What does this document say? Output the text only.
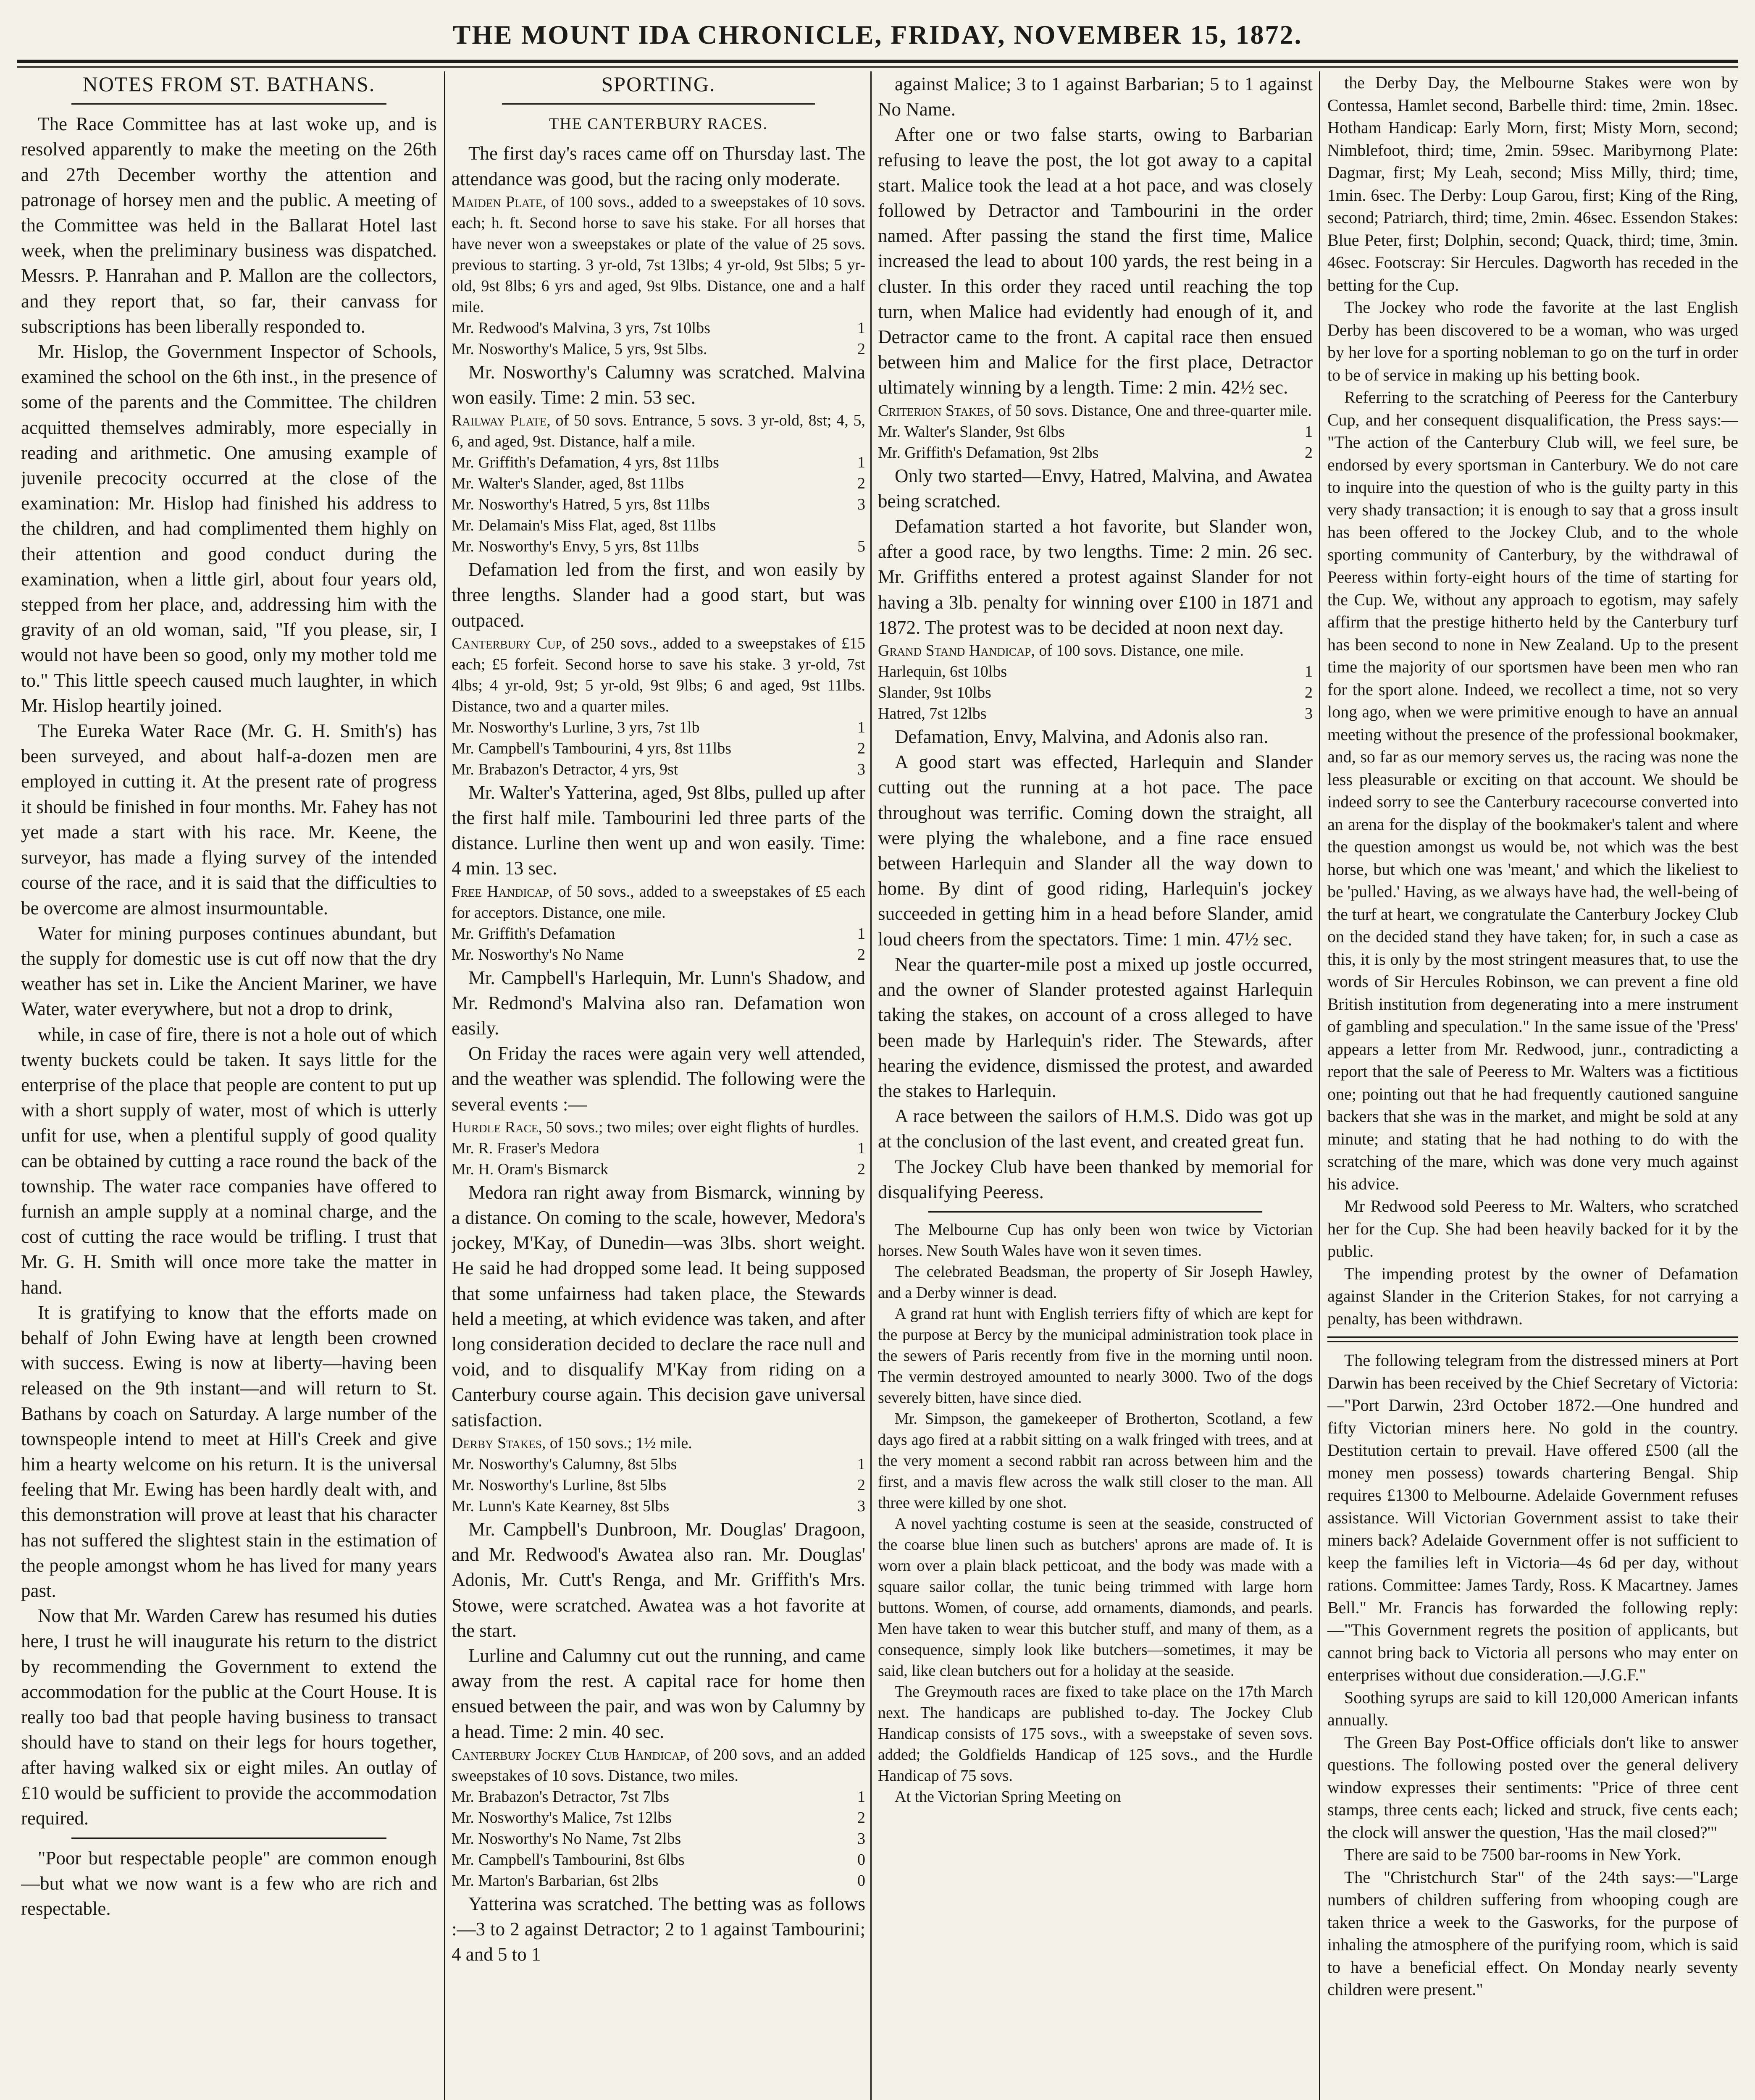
THE MOUNT IDA CHRONICLE, FRIDAY, NOVEMBER 15, 1872.
NOTES FROM ST. BATHANS.

The Race Committee has at last woke up, and is resolved apparently to make the meeting on the 26th and 27th December worthy the attention and patronage of horsey men and the public. A meeting of the Committee was held in the Ballarat Hotel last week, when the preliminary business was dispatched. Messrs. P. Hanrahan and P. Mallon are the collectors, and they report that, so far, their canvass for subscriptions has been liberally responded to.

Mr. Hislop, the Government Inspector of Schools, examined the school on the 6th inst., in the presence of some of the parents and the Committee. The children acquitted themselves admirably, more especially in reading and arithmetic. One amusing example of juvenile precocity occurred at the close of the examination: Mr. Hislop had finished his address to the children, and had complimented them highly on their attention and good conduct during the examination, when a little girl, about four years old, stepped from her place, and, addressing him with the gravity of an old woman, said, "If you please, sir, I would not have been so good, only my mother told me to." This little speech caused much laughter, in which Mr. Hislop heartily joined.

The Eureka Water Race (Mr. G. H. Smith's) has been surveyed, and about half-a-dozen men are employed in cutting it. At the present rate of progress it should be finished in four months. Mr. Fahey has not yet made a start with his race. Mr. Keene, the surveyor, has made a flying survey of the intended course of the race, and it is said that the difficulties to be overcome are almost insurmountable.

Water for mining purposes continues abundant, but the supply for domestic use is cut off now that the dry weather has set in. Like the Ancient Mariner, we have Water, water everywhere, but not a drop to drink,

while, in case of fire, there is not a hole out of which twenty buckets could be taken. It says little for the enterprise of the place that people are content to put up with a short supply of water, most of which is utterly unfit for use, when a plentiful supply of good quality can be obtained by cutting a race round the back of the township. The water race companies have offered to furnish an ample supply at a nominal charge, and the cost of cutting the race would be trifling. I trust that Mr. G. H. Smith will once more take the matter in hand.

It is gratifying to know that the efforts made on behalf of John Ewing have at length been crowned with success. Ewing is now at liberty—having been released on the 9th instant—and will return to St. Bathans by coach on Saturday. A large number of the townspeople intend to meet at Hill's Creek and give him a hearty welcome on his return. It is the universal feeling that Mr. Ewing has been hardly dealt with, and this demonstration will prove at least that his character has not suffered the slightest stain in the estimation of the people amongst whom he has lived for many years past.

Now that Mr. Warden Carew has resumed his duties here, I trust he will inaugurate his return to the district by recommending the Government to extend the accommodation for the public at the Court House. It is really too bad that people having business to transact should have to stand on their legs for hours together, after having walked six or eight miles. An outlay of £10 would be sufficient to provide the accommodation required.

"Poor but respectable people" are common enough—but what we now want is a few who are rich and respectable.

SPORTING.
THE CANTERBURY RACES.

The first day's races came off on Thursday last. The attendance was good, but the racing only moderate.

Maiden Plate, of 100 sovs., added to a sweepstakes of 10 sovs. each; h. ft. Second horse to save his stake. For all horses that have never won a sweepstakes or plate of the value of 25 sovs. previous to starting. 3 yr-old, 7st 13lbs; 4 yr-old, 9st 5lbs; 5 yr-old, 9st 8lbs; 6 yrs and aged, 9st 9lbs. Distance, one and a half mile.

Mr. Redwood's Malvina, 3 yrs, 7st 10lbs	1
Mr. Nosworthy's Malice, 5 yrs, 9st 5lbs.	2

Mr. Nosworthy's Calumny was scratched. Malvina won easily. Time: 2 min. 53 sec.

Railway Plate, of 50 sovs. Entrance, 5 sovs. 3 yr-old, 8st; 4, 5, 6, and aged, 9st. Distance, half a mile.

Mr. Griffith's Defamation, 4 yrs, 8st 11lbs	1
Mr. Walter's Slander, aged, 8st 11lbs	2
Mr. Nosworthy's Hatred, 5 yrs, 8st 11lbs	3
Mr. Delamain's Miss Flat, aged, 8st 11lbs
Mr. Nosworthy's Envy, 5 yrs, 8st 11lbs	5

Defamation led from the first, and won easily by three lengths. Slander had a good start, but was outpaced.

Canterbury Cup, of 250 sovs., added to a sweepstakes of £15 each; £5 forfeit. Second horse to save his stake. 3 yr-old, 7st 4lbs; 4 yr-old, 9st; 5 yr-old, 9st 9lbs; 6 and aged, 9st 11lbs. Distance, two and a quarter miles.

Mr. Nosworthy's Lurline, 3 yrs, 7st 1lb	1
Mr. Campbell's Tambourini, 4 yrs, 8st 11lbs	2
Mr. Brabazon's Detractor, 4 yrs, 9st	3

Mr. Walter's Yatterina, aged, 9st 8lbs, pulled up after the first half mile. Tambourini led three parts of the distance. Lurline then went up and won easily. Time: 4 min. 13 sec.

Free Handicap, of 50 sovs., added to a sweepstakes of £5 each for acceptors. Distance, one mile.

Mr. Griffith's Defamation	1
Mr. Nosworthy's No Name	2

Mr. Campbell's Harlequin, Mr. Lunn's Shadow, and Mr. Redmond's Malvina also ran. Defamation won easily.

On Friday the races were again very well attended, and the weather was splendid. The following were the several events :—

Hurdle Race, 50 sovs.; two miles; over eight flights of hurdles.

Mr. R. Fraser's Medora	1
Mr. H. Oram's Bismarck	2

Medora ran right away from Bismarck, winning by a distance. On coming to the scale, however, Medora's jockey, M'Kay, of Dunedin—was 3lbs. short weight. He said he had dropped some lead. It being supposed that some unfairness had taken place, the Stewards held a meeting, at which evidence was taken, and after long consideration decided to declare the race null and void, and to disqualify M'Kay from riding on a Canterbury course again. This decision gave universal satisfaction.

Derby Stakes, of 150 sovs.; 1½ mile.

Mr. Nosworthy's Calumny, 8st 5lbs	1
Mr. Nosworthy's Lurline, 8st 5lbs	2
Mr. Lunn's Kate Kearney, 8st 5lbs	3

Mr. Campbell's Dunbroon, Mr. Douglas' Dragoon, and Mr. Redwood's Awatea also ran. Mr. Douglas' Adonis, Mr. Cutt's Renga, and Mr. Griffith's Mrs. Stowe, were scratched. Awatea was a hot favorite at the start.

Lurline and Calumny cut out the running, and came away from the rest. A capital race for home then ensued between the pair, and was won by Calumny by a head. Time: 2 min. 40 sec.

Canterbury Jockey Club Handicap, of 200 sovs, and an added sweepstakes of 10 sovs. Distance, two miles.

Mr. Brabazon's Detractor, 7st 7lbs	1
Mr. Nosworthy's Malice, 7st 12lbs	2
Mr. Nosworthy's No Name, 7st 2lbs	3
Mr. Campbell's Tambourini, 8st 6lbs	0
Mr. Marton's Barbarian, 6st 2lbs	0

Yatterina was scratched. The betting was as follows :—3 to 2 against Detractor; 2 to 1 against Tambourini; 4 and 5 to 1

against Malice; 3 to 1 against Barbarian; 5 to 1 against No Name.

After one or two false starts, owing to Barbarian refusing to leave the post, the lot got away to a capital start. Malice took the lead at a hot pace, and was closely followed by Detractor and Tambourini in the order named. After passing the stand the first time, Malice increased the lead to about 100 yards, the rest being in a cluster. In this order they raced until reaching the top turn, when Malice had evidently had enough of it, and Detractor came to the front. A capital race then ensued between him and Malice for the first place, Detractor ultimately winning by a length. Time: 2 min. 42½ sec.

Criterion Stakes, of 50 sovs. Distance, One and three-quarter mile.

Mr. Walter's Slander, 9st 6lbs	1
Mr. Griffith's Defamation, 9st 2lbs	2

Only two started—Envy, Hatred, Malvina, and Awatea being scratched.

Defamation started a hot favorite, but Slander won, after a good race, by two lengths. Time: 2 min. 26 sec. Mr. Griffiths entered a protest against Slander for not having a 3lb. penalty for winning over £100 in 1871 and 1872. The protest was to be decided at noon next day.

Grand Stand Handicap, of 100 sovs. Distance, one mile.

Harlequin, 6st 10lbs	1
Slander, 9st 10lbs	2
Hatred, 7st 12lbs	3

Defamation, Envy, Malvina, and Adonis also ran.

A good start was effected, Harlequin and Slander cutting out the running at a hot pace. The pace throughout was terrific. Coming down the straight, all were plying the whalebone, and a fine race ensued between Harlequin and Slander all the way down to home. By dint of good riding, Harlequin's jockey succeeded in getting him in a head before Slander, amid loud cheers from the spectators. Time: 1 min. 47½ sec.

Near the quarter-mile post a mixed up jostle occurred, and the owner of Slander protested against Harlequin taking the stakes, on account of a cross alleged to have been made by Harlequin's rider. The Stewards, after hearing the evidence, dismissed the protest, and awarded the stakes to Harlequin.

A race between the sailors of H.M.S. Dido was got up at the conclusion of the last event, and created great fun.

The Jockey Club have been thanked by memorial for disqualifying Peeress.

The Melbourne Cup has only been won twice by Victorian horses. New South Wales have won it seven times.

The celebrated Beadsman, the property of Sir Joseph Hawley, and a Derby winner is dead.

A grand rat hunt with English terriers fifty of which are kept for the purpose at Bercy by the municipal administration took place in the sewers of Paris recently from five in the morning until noon. The vermin destroyed amounted to nearly 3000. Two of the dogs severely bitten, have since died.

Mr. Simpson, the gamekeeper of Brotherton, Scotland, a few days ago fired at a rabbit sitting on a walk fringed with trees, and at the very moment a second rabbit ran across between him and the first, and a mavis flew across the walk still closer to the man. All three were killed by one shot.

A novel yachting costume is seen at the seaside, constructed of the coarse blue linen such as butchers' aprons are made of. It is worn over a plain black petticoat, and the body was made with a square sailor collar, the tunic being trimmed with large horn buttons. Women, of course, add ornaments, diamonds, and pearls. Men have taken to wear this butcher stuff, and many of them, as a consequence, simply look like butchers—sometimes, it may be said, like clean butchers out for a holiday at the seaside.

The Greymouth races are fixed to take place on the 17th March next. The handicaps are published to-day. The Jockey Club Handicap consists of 175 sovs., with a sweepstake of seven sovs. added; the Goldfields Handicap of 125 sovs., and the Hurdle Handicap of 75 sovs.

At the Victorian Spring Meeting on

the Derby Day, the Melbourne Stakes were won by Contessa, Hamlet second, Barbelle third: time, 2min. 18sec. Hotham Handicap: Early Morn, first; Misty Morn, second; Nimblefoot, third; time, 2min. 59sec. Maribyrnong Plate: Dagmar, first; My Leah, second; Miss Milly, third; time, 1min. 6sec. The Derby: Loup Garou, first; King of the Ring, second; Patriarch, third; time, 2min. 46sec. Essendon Stakes: Blue Peter, first; Dolphin, second; Quack, third; time, 3min. 46sec. Footscray: Sir Hercules. Dagworth has receded in the betting for the Cup.

The Jockey who rode the favorite at the last English Derby has been discovered to be a woman, who was urged by her love for a sporting nobleman to go on the turf in order to be of service in making up his betting book.

Referring to the scratching of Peeress for the Canterbury Cup, and her consequent disqualification, the Press says:— "The action of the Canterbury Club will, we feel sure, be endorsed by every sportsman in Canterbury. We do not care to inquire into the question of who is the guilty party in this very shady transaction; it is enough to say that a gross insult has been offered to the Jockey Club, and to the whole sporting community of Canterbury, by the withdrawal of Peeress within forty-eight hours of the time of starting for the Cup. We, without any approach to egotism, may safely affirm that the prestige hitherto held by the Canterbury turf has been second to none in New Zealand. Up to the present time the majority of our sportsmen have been men who ran for the sport alone. Indeed, we recollect a time, not so very long ago, when we were primitive enough to have an annual meeting without the presence of the professional bookmaker, and, so far as our memory serves us, the racing was none the less pleasurable or exciting on that account. We should be indeed sorry to see the Canterbury racecourse converted into an arena for the display of the bookmaker's talent and where the question amongst us would be, not which was the best horse, but which one was 'meant,' and which the likeliest to be 'pulled.' Having, as we always have had, the well-being of the turf at heart, we congratulate the Canterbury Jockey Club on the decided stand they have taken; for, in such a case as this, it is only by the most stringent measures that, to use the words of Sir Hercules Robinson, we can prevent a fine old British institution from degenerating into a mere instrument of gambling and speculation." In the same issue of the 'Press' appears a letter from Mr. Redwood, junr., contradicting a report that the sale of Peeress to Mr. Walters was a fictitious one; pointing out that he had frequently cautioned sanguine backers that she was in the market, and might be sold at any minute; and stating that he had nothing to do with the scratching of the mare, which was done very much against his advice.

Mr Redwood sold Peeress to Mr. Walters, who scratched her for the Cup. She had been heavily backed for it by the public.

The impending protest by the owner of Defamation against Slander in the Criterion Stakes, for not carrying a penalty, has been withdrawn.

The following telegram from the distressed miners at Port Darwin has been received by the Chief Secretary of Victoria:—"Port Darwin, 23rd October 1872.—One hundred and fifty Victorian miners here. No gold in the country. Destitution certain to prevail. Have offered £500 (all the money men possess) towards chartering Bengal. Ship requires £1300 to Melbourne. Adelaide Government refuses assistance. Will Victorian Government assist to take their miners back? Adelaide Government offer is not sufficient to keep the families left in Victoria—4s 6d per day, without rations. Committee: James Tardy, Ross. K Macartney. James Bell." Mr. Francis has forwarded the following reply:—"This Government regrets the position of applicants, but cannot bring back to Victoria all persons who may enter on enterprises without due consideration.—J.G.F."

Soothing syrups are said to kill 120,000 American infants annually.

The Green Bay Post-Office officials don't like to answer questions. The following posted over the general delivery window expresses their sentiments: "Price of three cent stamps, three cents each; licked and struck, five cents each; the clock will answer the question, 'Has the mail closed?'"

There are said to be 7500 bar-rooms in New York.

The "Christchurch Star" of the 24th says:—"Large numbers of children suffering from whooping cough are taken thrice a week to the Gasworks, for the purpose of inhaling the atmosphere of the purifying room, which is said to have a beneficial effect. On Monday nearly seventy children were present."
